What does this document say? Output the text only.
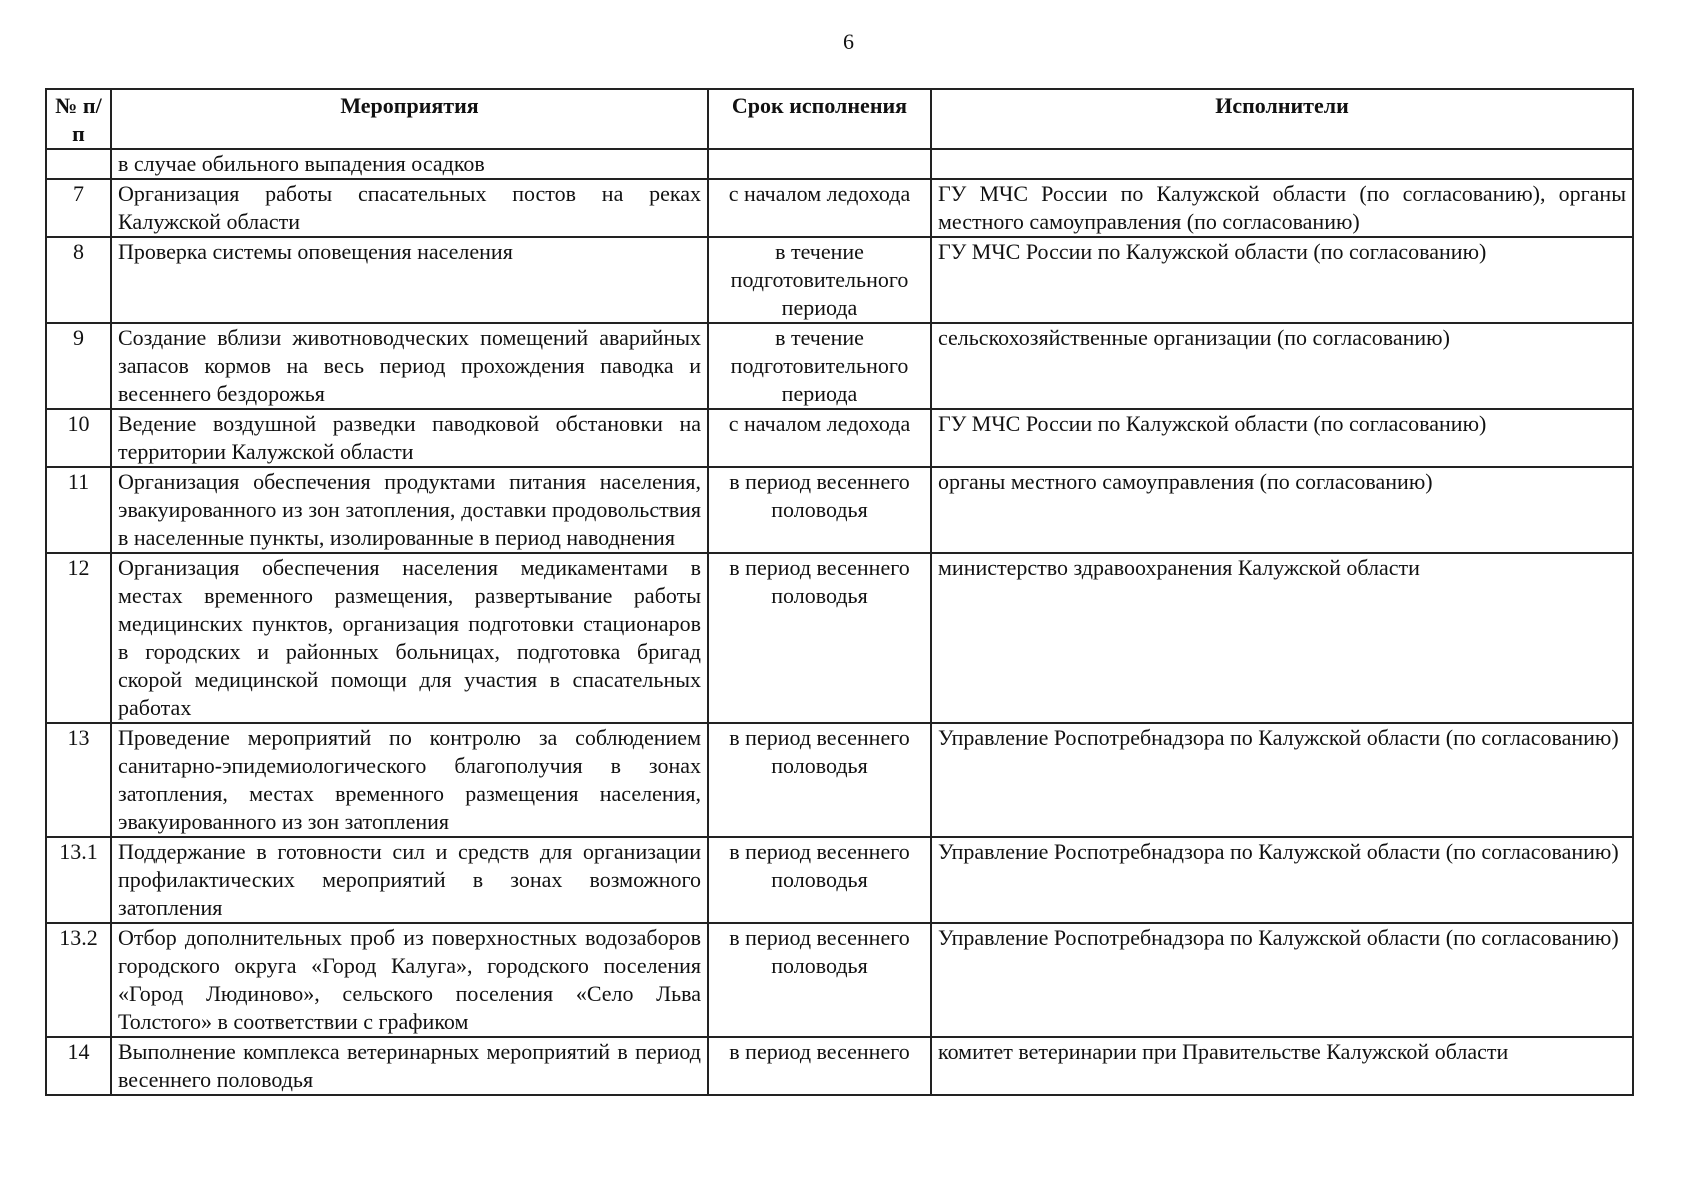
6
№ п/п	Мероприятия	Срок исполнения	Исполнители
	в случае обильного выпадения осадков		
7	Организация работы спасательных постов на реках Калужской области	с началом ледохода	ГУ МЧС России по Калужской области (по согласованию), органы местного самоуправления (по согласованию)
8	Проверка системы оповещения населения	в течение подготовительного периода	ГУ МЧС России по Калужской области (по согласованию)
9	Создание вблизи животноводческих помещений аварийных запасов кормов на весь период прохождения паводка и весеннего бездорожья	в течение подготовительного периода	сельскохозяйственные организации (по согласованию)
10	Ведение воздушной разведки паводковой обстановки на территории Калужской области	с началом ледохода	ГУ МЧС России по Калужской области (по согласованию)
11	Организация обеспечения продуктами питания населения, эвакуированного из зон затопления, доставки продовольствия в населенные пункты, изолированные в период наводнения	в период весеннего половодья	органы местного самоуправления (по согласованию)
12	Организация обеспечения населения медикаментами в местах временного размещения, развертывание работы медицинских пунктов, организация подготовки стационаров в городских и районных больницах, подготовка бригад скорой медицинской помощи для участия в спасательных работах	в период весеннего половодья	министерство здравоохранения Калужской области
13	Проведение мероприятий по контролю за соблюдением санитарно-эпидемиологического благополучия в зонах затопления, местах временного размещения населения, эвакуированного из зон затопления	в период весеннего половодья	Управление Роспотребнадзора по Калужской области (по согласованию)
13.1	Поддержание в готовности сил и средств для организации профилактических мероприятий в зонах возможного затопления	в период весеннего половодья	Управление Роспотребнадзора по Калужской области (по согласованию)
13.2	Отбор дополнительных проб из поверхностных водозаборов городского округа «Город Калуга», городского поселения «Город Людиново», сельского поселения «Село Льва Толстого» в соответствии с графиком	в период весеннего половодья	Управление Роспотребнадзора по Калужской области (по согласованию)
14	Выполнение комплекса ветеринарных мероприятий в период весеннего половодья	в период весеннего	комитет ветеринарии при Правительстве Калужской области
